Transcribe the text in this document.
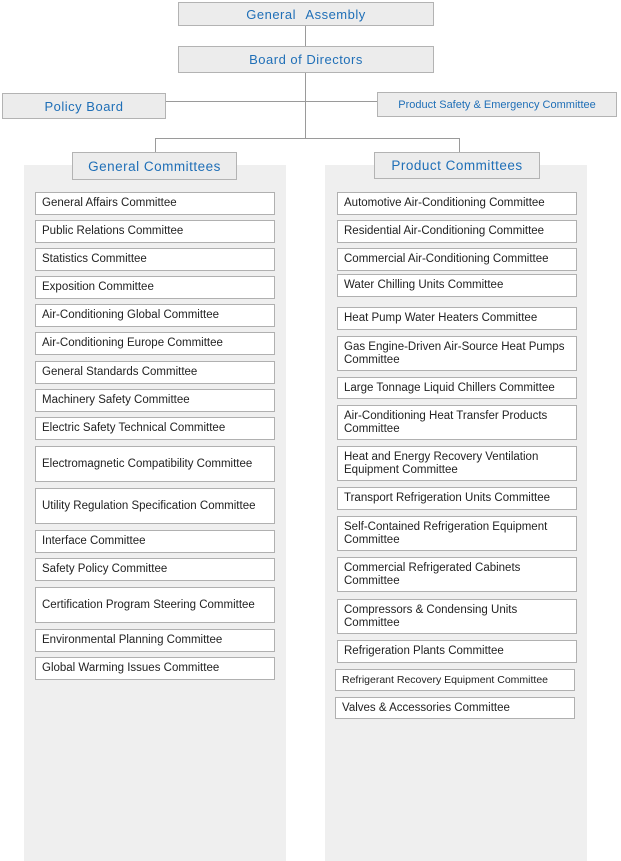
General Assembly
Board of Directors
Policy Board	Product Safety & Emergency Committee
General Committees	Product Committees
General Affairs Committee
Public Relations Committee
Statistics Committee
Exposition Committee
Air-Conditioning Global Committee
Air-Conditioning Europe Committee
General Standards Committee
Machinery Safety Committee
Electric Safety Technical Committee
Electromagnetic Compatibility Committee
Utility Regulation Specification Committee
Interface Committee
Safety Policy Committee
Certification Program Steering Committee
Environmental Planning Committee
Global Warming Issues Committee
Automotive Air-Conditioning Committee
Residential Air-Conditioning Committee
Commercial Air-Conditioning Committee
Water Chilling Units Committee
Heat Pump Water Heaters Committee
Gas Engine-Driven Air-Source Heat Pumps Committee
Large Tonnage Liquid Chillers Committee
Air-Conditioning Heat Transfer Products Committee
Heat and Energy Recovery Ventilation Equipment Committee
Transport Refrigeration Units Committee
Self-Contained Refrigeration Equipment Committee
Commercial Refrigerated Cabinets Committee
Compressors & Condensing Units Committee
Refrigeration Plants Committee
Refrigerant Recovery Equipment Committee
Valves & Accessories Committee
